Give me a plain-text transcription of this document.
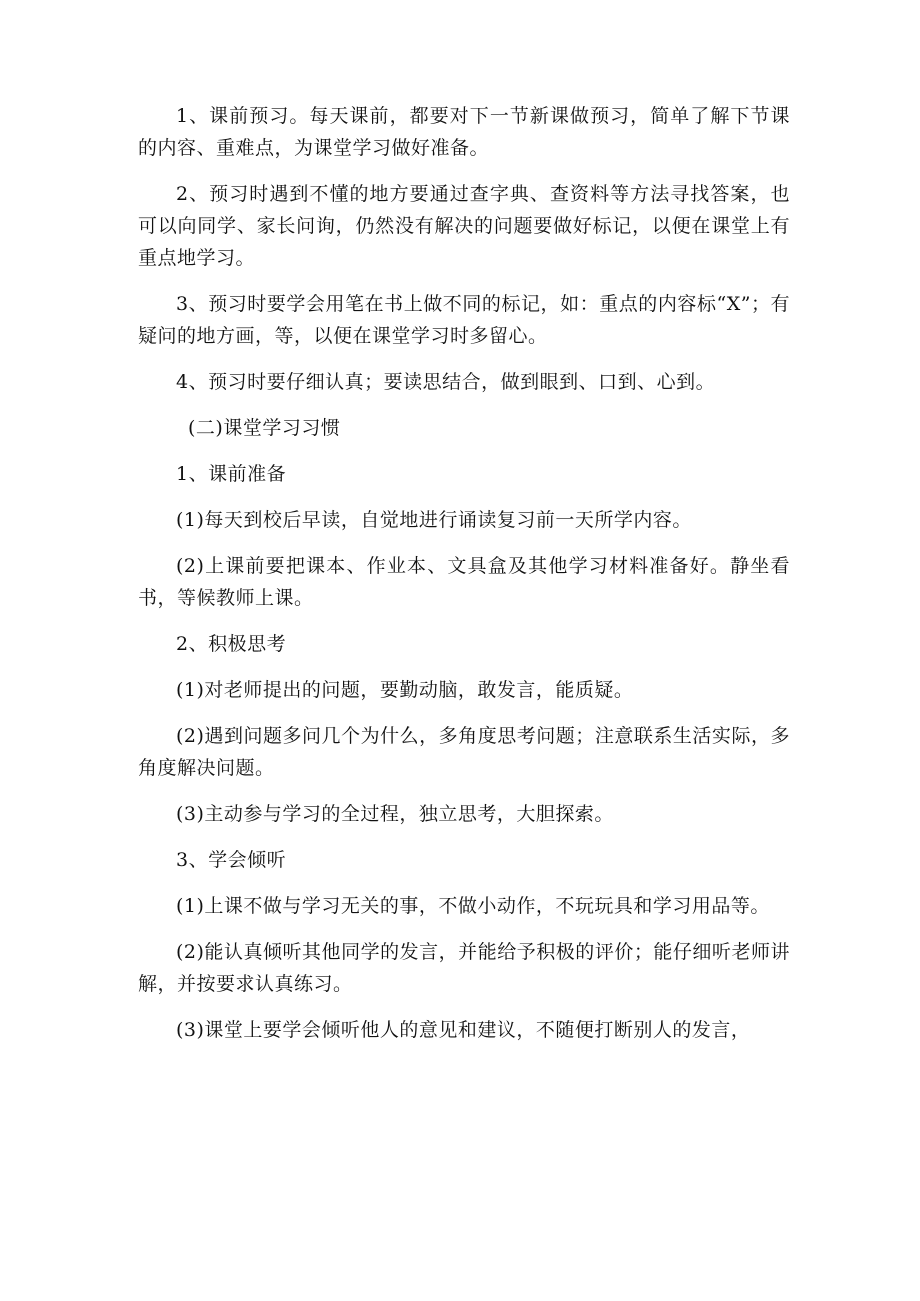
1、课前预习。每天课前，都要对下一节新课做预习，简单了解下节课的内容、重难点，为课堂学习做好准备。

2、预习时遇到不懂的地方要通过查字典、查资料等方法寻找答案，也可以向同学、家长问询，仍然没有解决的问题要做好标记，以便在课堂上有重点地学习。

3、预习时要学会用笔在书上做不同的标记，如：重点的内容标“X”；有疑问的地方画，等，以便在课堂学习时多留心。

4、预习时要仔细认真；要读思结合，做到眼到、口到、心到。

(二)课堂学习习惯

1、课前准备

(1)每天到校后早读，自觉地进行诵读复习前一天所学内容。

(2)上课前要把课本、作业本、文具盒及其他学习材料准备好。静坐看书，等候教师上课。

2、积极思考

(1)对老师提出的问题，要勤动脑，敢发言，能质疑。

(2)遇到问题多问几个为什么，多角度思考问题；注意联系生活实际，多角度解决问题。

(3)主动参与学习的全过程，独立思考，大胆探索。

3、学会倾听

(1)上课不做与学习无关的事，不做小动作，不玩玩具和学习用品等。

(2)能认真倾听其他同学的发言，并能给予积极的评价；能仔细听老师讲解，并按要求认真练习。

(3)课堂上要学会倾听他人的意见和建议，不随便打断别人的发言，
